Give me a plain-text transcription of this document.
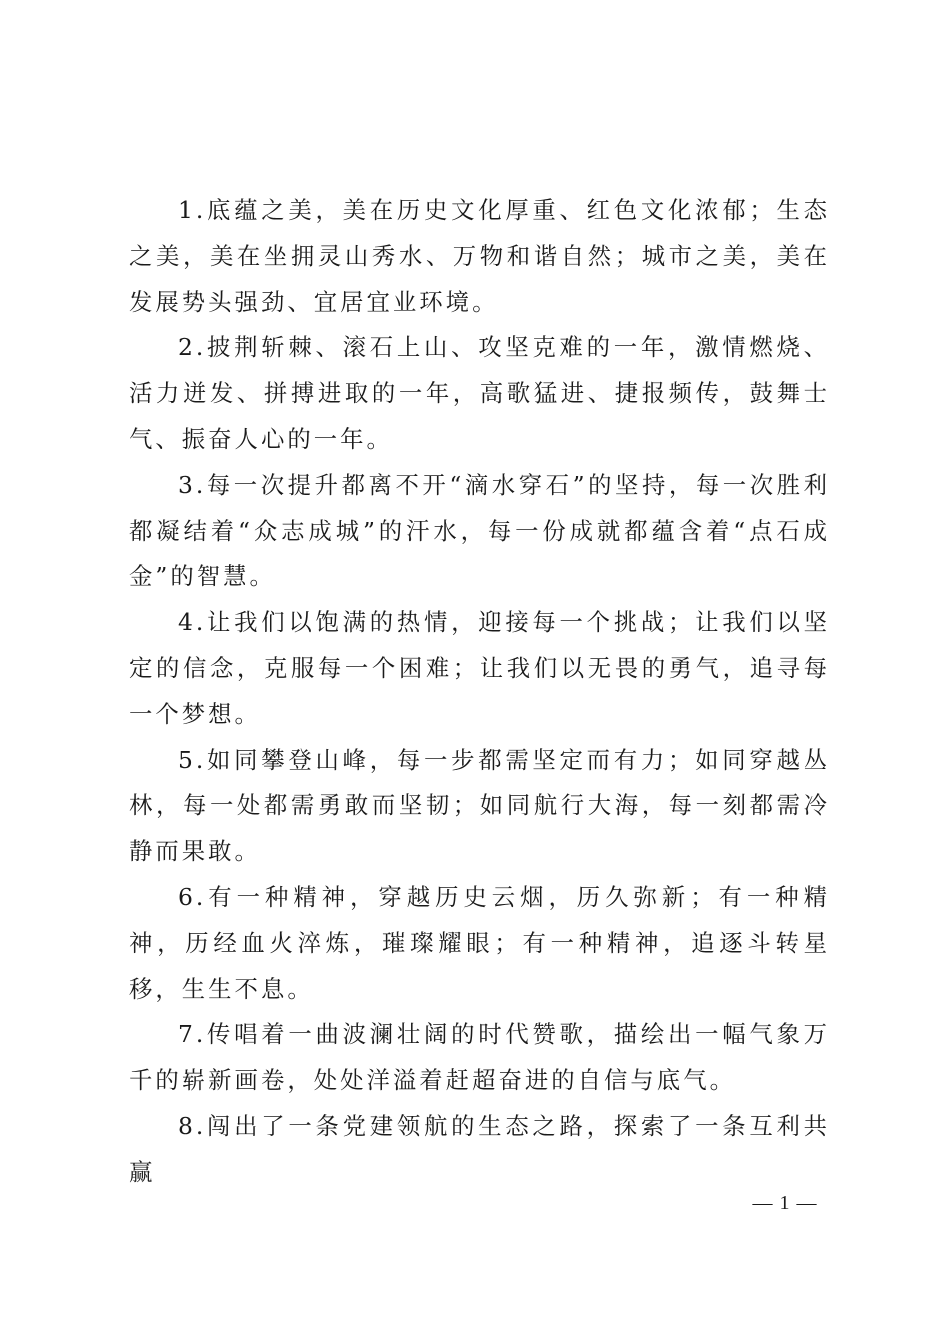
1.底蕴之美，美在历史文化厚重、红色文化浓郁；生态之美，美在坐拥灵山秀水、万物和谐自然；城市之美，美在发展势头强劲、宜居宜业环境。

2.披荆斩棘、滚石上山、攻坚克难的一年，激情燃烧、活力迸发、拼搏进取的一年，高歌猛进、捷报频传，鼓舞士气、振奋人心的一年。

3.每一次提升都离不开“滴水穿石”的坚持，每一次胜利都凝结着“众志成城”的汗水，每一份成就都蕴含着“点石成金”的智慧。

4.让我们以饱满的热情，迎接每一个挑战；让我们以坚定的信念，克服每一个困难；让我们以无畏的勇气，追寻每一个梦想。

5.如同攀登山峰，每一步都需坚定而有力；如同穿越丛林，每一处都需勇敢而坚韧；如同航行大海，每一刻都需冷静而果敢。

6.有一种精神，穿越历史云烟，历久弥新；有一种精神，历经血火淬炼，璀璨耀眼；有一种精神，追逐斗转星移，生生不息。

7.传唱着一曲波澜壮阔的时代赞歌，描绘出一幅气象万千的崭新画卷，处处洋溢着赶超奋进的自信与底气。

8.闯出了一条党建领航的生态之路，探索了一条互利共赢

— 1 —
